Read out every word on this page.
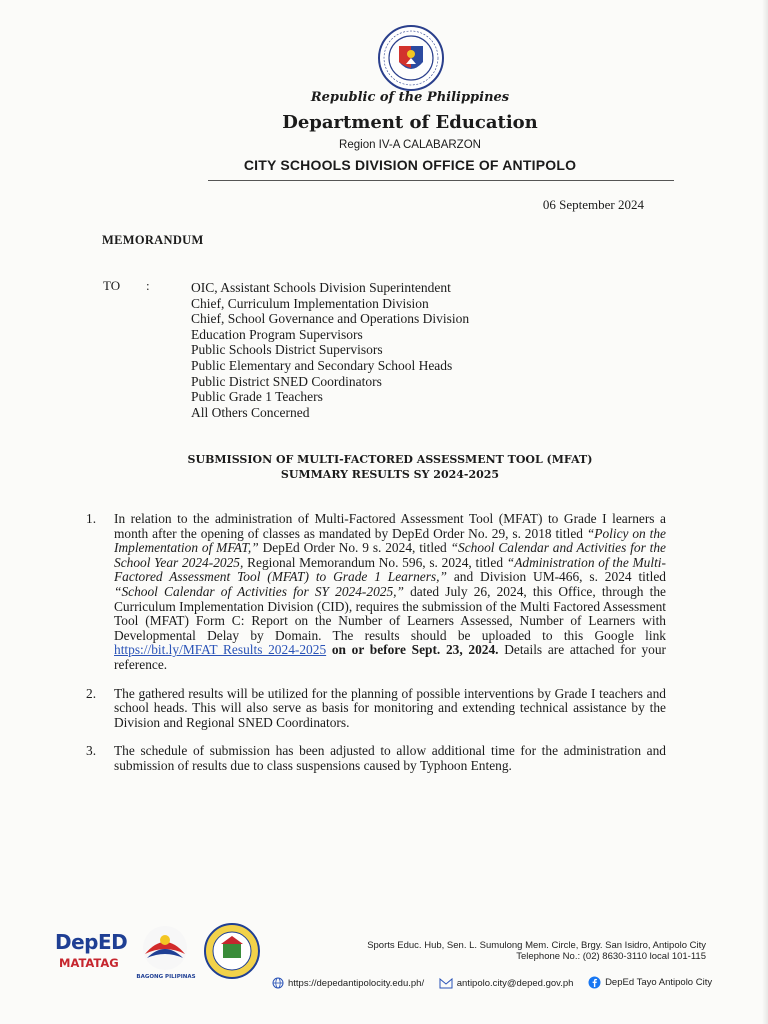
Republic of the Philippines
Department of Education
Region IV-A CALABARZON
CITY SCHOOLS DIVISION OFFICE OF ANTIPOLO
06 September 2024
MEMORANDUM
TO :	OIC, Assistant Schools Division Superintendent
Chief, Curriculum Implementation Division
Chief, School Governance and Operations Division
Education Program Supervisors
Public Schools District Supervisors
Public Elementary and Secondary School Heads
Public District SNED Coordinators
Public Grade 1 Teachers
All Others Concerned
SUBMISSION OF MULTI-FACTORED ASSESSMENT TOOL (MFAT)
SUMMARY RESULTS SY 2024-2025
1.	In relation to the administration of Multi-Factored Assessment Tool (MFAT) to Grade I learners a month after the opening of classes as mandated by DepEd Order No. 29, s. 2018 titled “Policy on the Implementation of MFAT,” DepEd Order No. 9 s. 2024, titled “School Calendar and Activities for the School Year 2024-2025, Regional Memorandum No. 596, s. 2024, titled “Administration of the Multi-Factored Assessment Tool (MFAT) to Grade 1 Learners,” and Division UM-466, s. 2024 titled “School Calendar of Activities for SY 2024-2025,” dated July 26, 2024, this Office, through the Curriculum Implementation Division (CID), requires the submission of the Multi Factored Assessment Tool (MFAT) Form C: Report on the Number of Learners Assessed, Number of Learners with Developmental Delay by Domain. The results should be uploaded to this Google link https://bit.ly/MFAT Results 2024-2025 on or before Sept. 23, 2024. Details are attached for your reference.
2.	The gathered results will be utilized for the planning of possible interventions by Grade I teachers and school heads. This will also serve as basis for monitoring and extending technical assistance by the Division and Regional SNED Coordinators.
3.	The schedule of submission has been adjusted to allow additional time for the administration and submission of results due to class suspensions caused by Typhoon Enteng.
DepED
MATATAG
BAGONG PILIPINAS
Sports Educ. Hub, Sen. L. Sumulong Mem. Circle, Brgy. San Isidro, Antipolo City
Telephone No.: (02) 8630-3110 local 101-115
https://depedantipolocity.edu.ph/
	antipolo.city@deped.gov.ph
	DepEd Tayo Antipolo City
